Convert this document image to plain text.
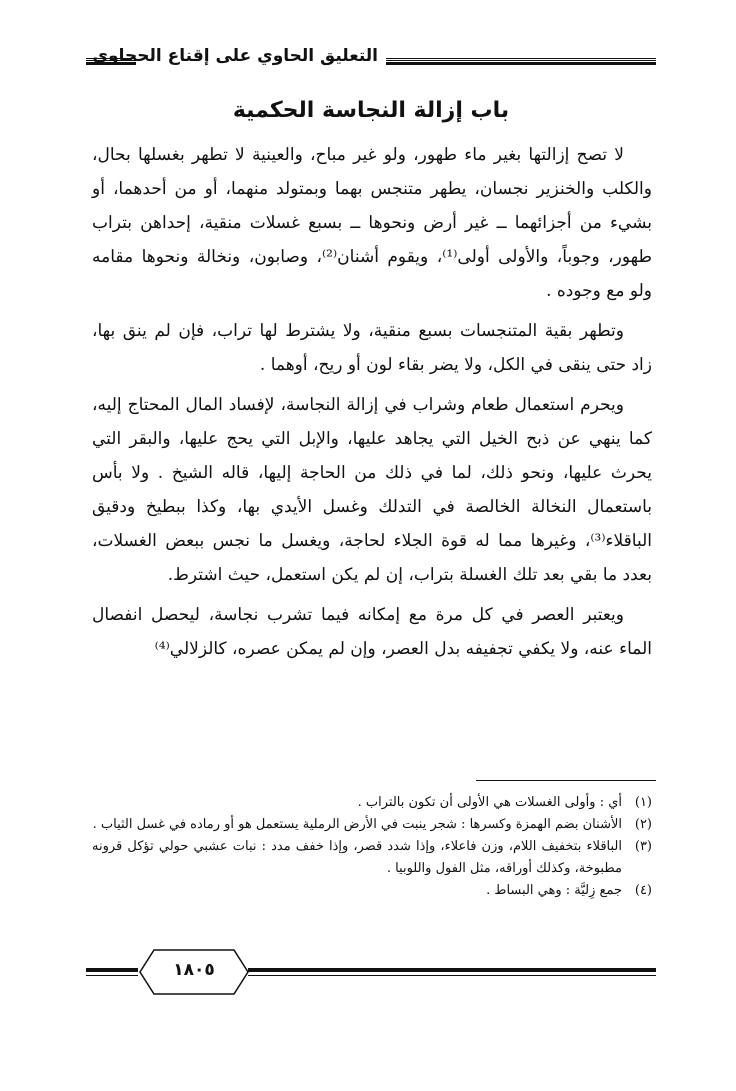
التعليق الحاوي على إقناع الحجاوي
باب إزالة النجاسة الحكمية

لا تصح إزالتها بغير ماء طهور، ولو غير مباح، والعينية لا تطهر بغسلها بحال، والكلب والخنزير نجسان، يطهر متنجس بهما وبمتولد منهما، أو من أحدهما، أو بشيء من أجزائهما ــ غير أرض ونحوها ــ بسبع غسلات منقية، إحداهن بتراب طهور، وجوباً، والأولى أولى⁽¹⁾، ويقوم أشنان⁽²⁾، وصابون، ونخالة ونحوها مقامه ولو مع وجوده .

وتطهر بقية المتنجسات بسبع منقية، ولا يشترط لها تراب، فإن لم ينق بها، زاد حتى ينقى في الكل، ولا يضر بقاء لون أو ريح، أوهما .

ويحرم استعمال طعام وشراب في إزالة النجاسة، لإفساد المال المحتاج إليه، كما ينهي عن ذبح الخيل التي يجاهد عليها، والإبل التي يحج عليها، والبقر التي يحرث عليها، ونحو ذلك، لما في ذلك من الحاجة إليها، قاله الشيخ . ولا بأس باستعمال النخالة الخالصة في التدلك وغسل الأيدي بها، وكذا ببطيخ ودقيق الباقلاء⁽³⁾، وغيرها مما له قوة الجلاء لحاجة، ويغسل ما نجس ببعض الغسلات، بعدد ما بقي بعد تلك الغسلة بتراب، إن لم يكن استعمل، حيث اشترط.

ويعتبر العصر في كل مرة مع إمكانه فيما تشرب نجاسة، ليحصل انفصال الماء عنه، ولا يكفي تجفيفه بدل العصر، وإن لم يمكن عصره، كالزلالي⁽⁴⁾

(١)
أي : وأولى الغسلات هي الأولى أن تكون بالتراب .
(٢)
الأشنان بضم الهمزة وكسرها : شجر ينبت في الأرض الرملية يستعمل هو أو رماده في غسل الثياب .
(٣)
الباقلاء بتخفيف اللام، وزن فاعلاء، وإذا شدد قصر، وإذا خفف مدد : نبات عشبي حولي تؤكل قرونه مطبوخة، وكذلك أوراقه، مثل الفول واللوبيا .
(٤)
جمع زِليَّة : وهي البساط .
١٨٠٥
